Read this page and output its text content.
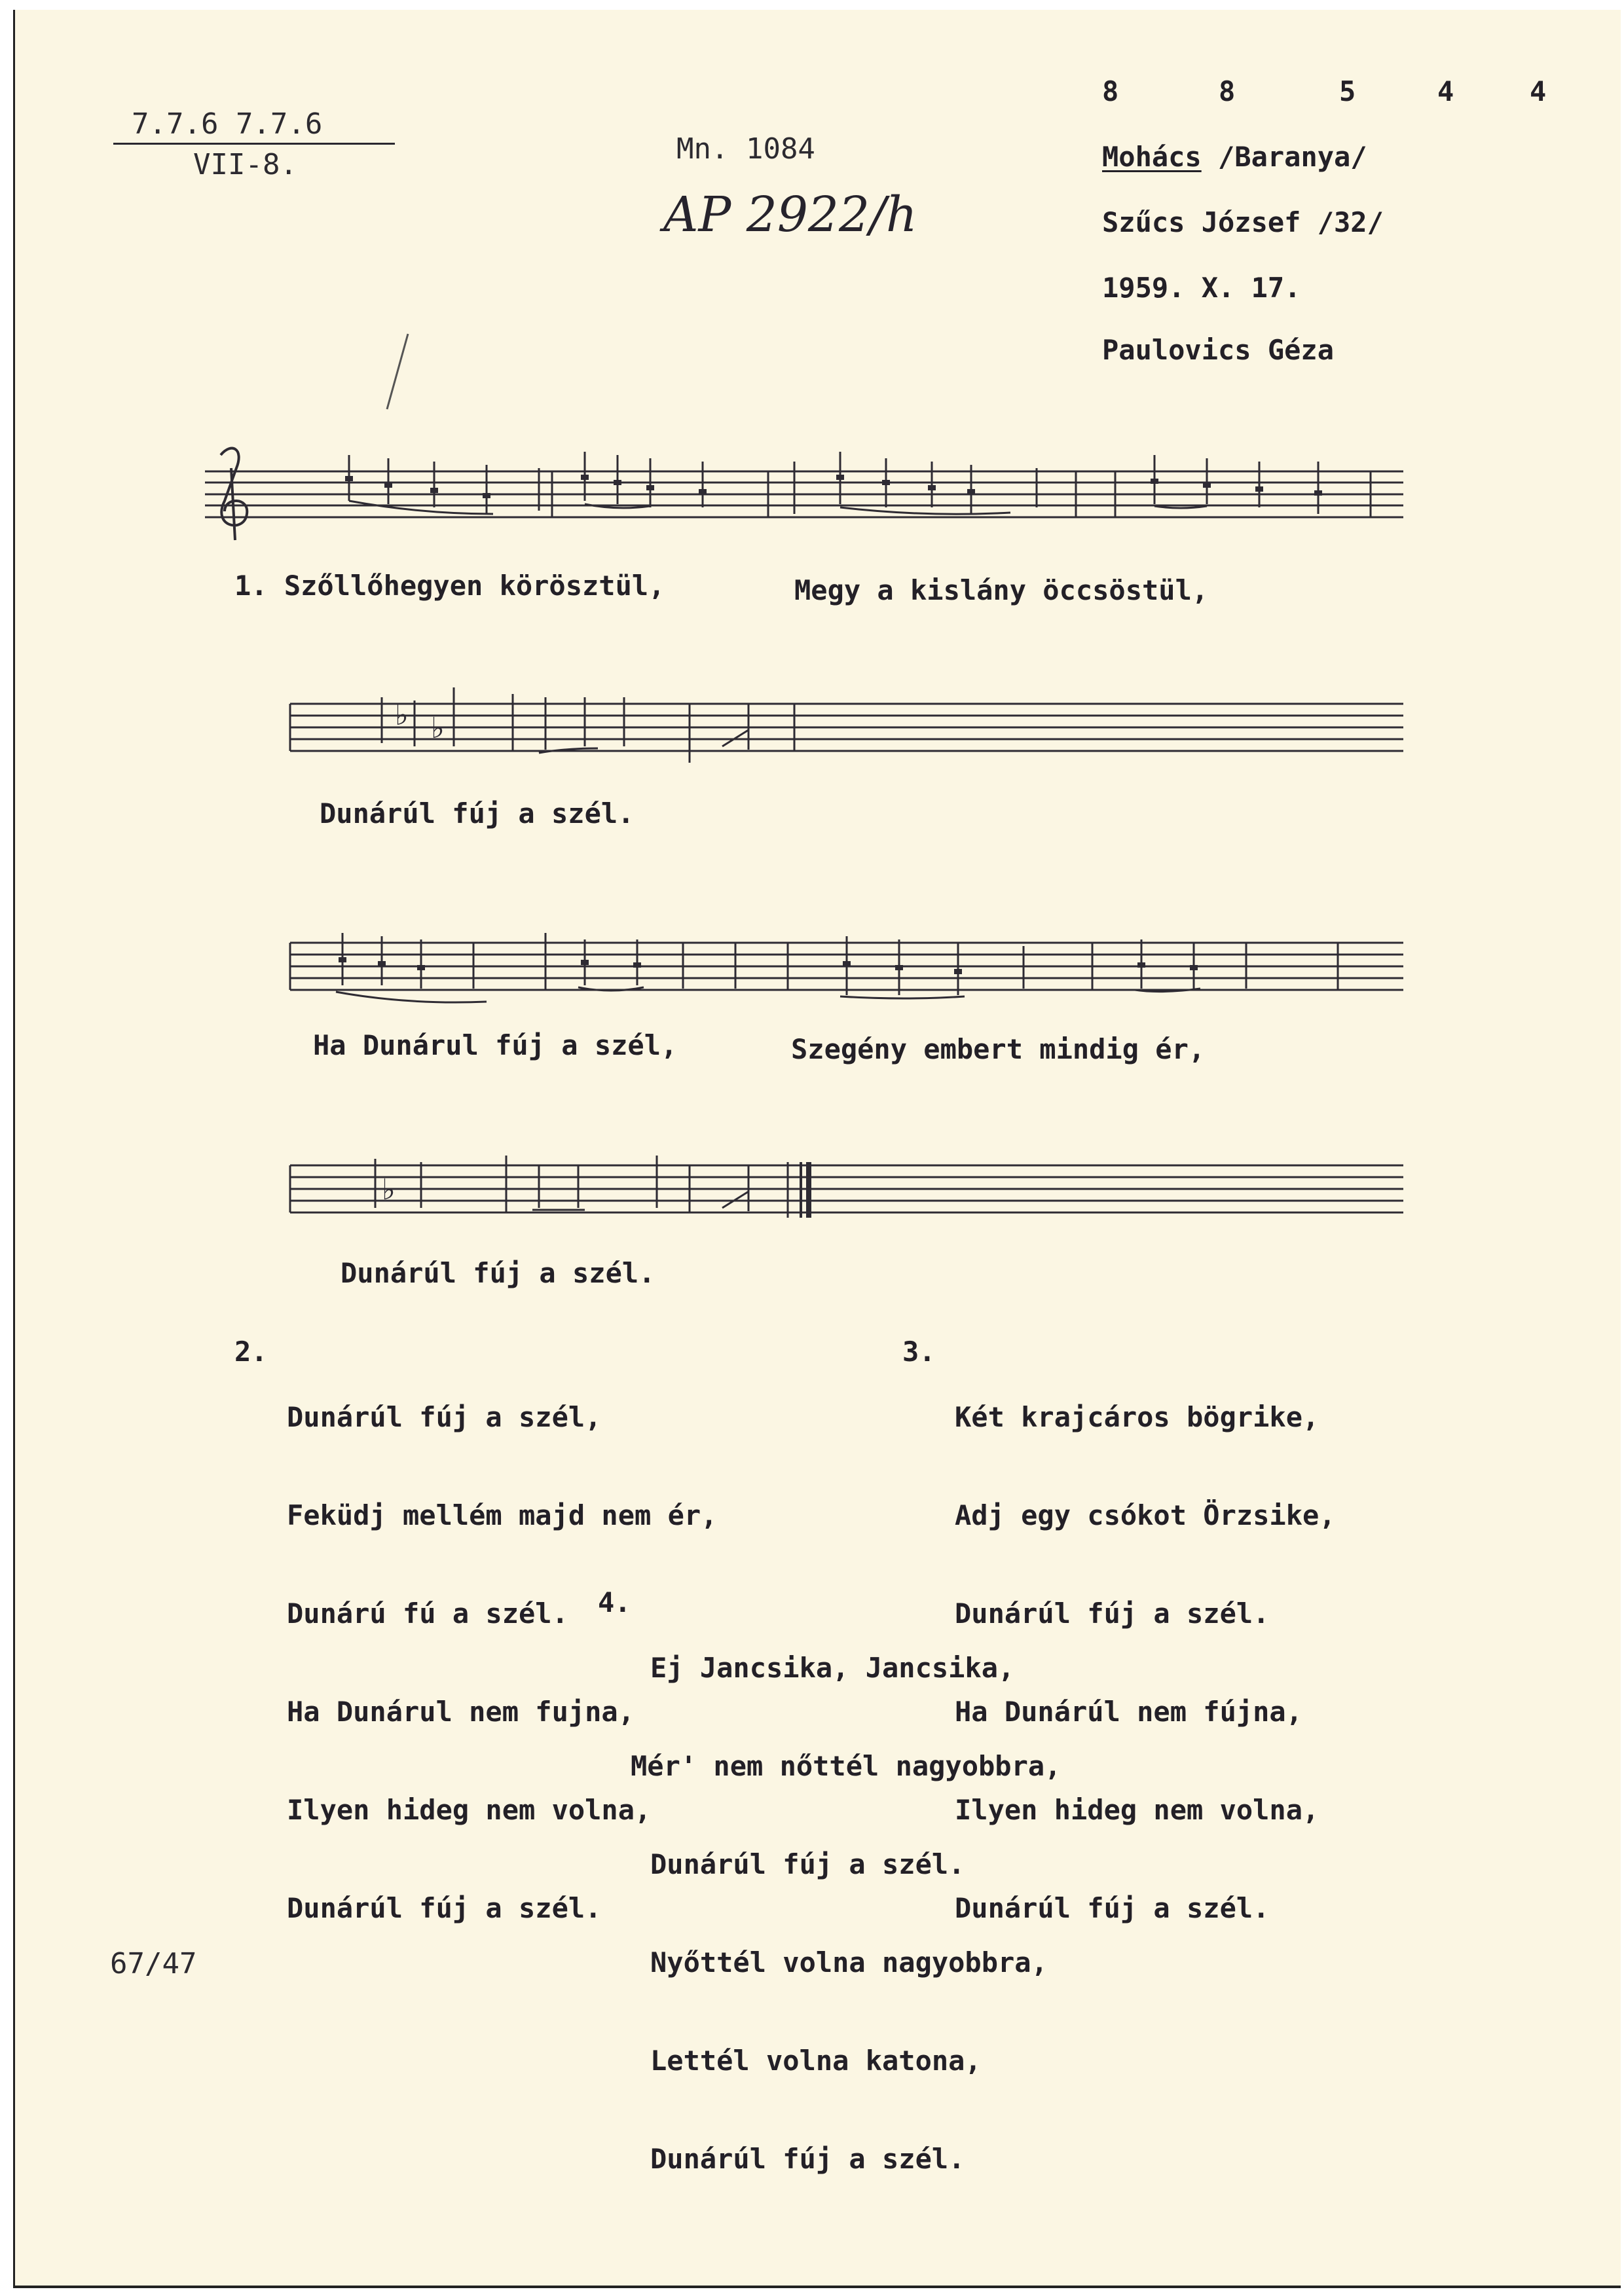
7.7.6 7.7.6
VII-8.	Mn. 1084
AP 2922/h

8

	8

	5

	4

	4

Mohács /Baranya/
Szűcs József /32/
1959. X. 17.
Paulovics Géza
1. Szőllőhegyen körösztül,	Megy a kislány öccsöstül,
♭ ♭
Dunárúl fúj a szél.
Ha Dunárul fúj a szél,	Szegény embert mindig ér,
♭
Dunárúl fúj a szél.

2.

Dunárúl fúj a szél,

Feküdj mellém majd nem ér,

Dunárú fú a szél.

Ha Dunárul nem fujna,

Ilyen hideg nem volna,

Dunárúl fúj a szél.

3.

Két krajcáros bögrike,

Adj egy csókot Örzsike,

Dunárúl fúj a szél.

Ha Dunárúl nem fújna,

Ilyen hideg nem volna,

Dunárúl fúj a szél.

4.

Ej Jancsika, Jancsika,

Mér' nem nőttél nagyobbra,

Dunárúl fúj a szél.

Nyőttél volna nagyobbra,

Lettél volna katona,

Dunárúl fúj a szél.

67/47
